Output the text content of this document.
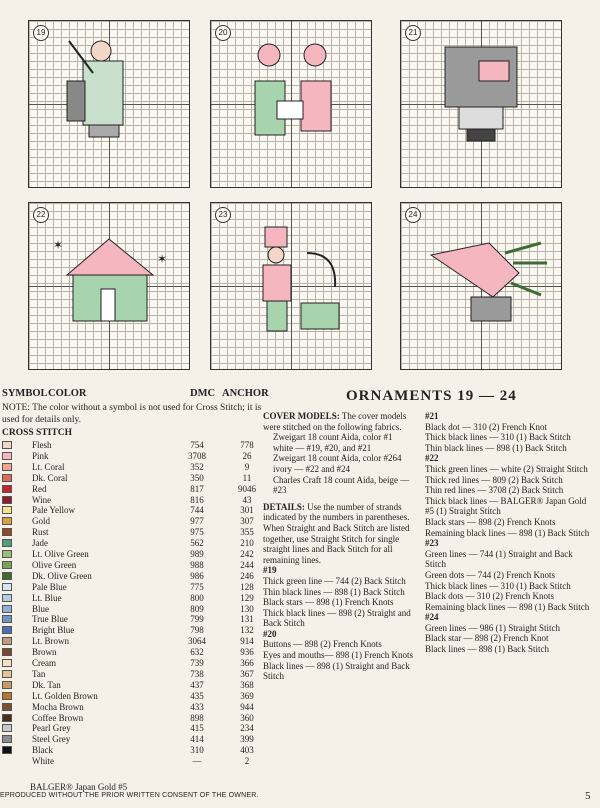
19	20	21
✶
✶
22	23	24
SYMBOL COLOR	DMC ANCHOR
NOTE: The color without a symbol is not used for Cross Stitch; it is used for details only.
CROSS STITCH
Flesh	754	778
Pink	3708	26
Lt. Coral	352	9
Dk. Coral	350	11
Red	817	9046
Wine	816	43
Pale Yellow	744	301
Gold	977	307
Rust	975	355
Jade	562	210
Lt. Olive Green	989	242
Olive Green	988	244
Dk. Olive Green	986	246
Pale Blue	775	128
Lt. Blue	800	129
Blue	809	130
True Blue	799	131
Bright Blue	798	132
Lt. Brown	3064	914
Brown	632	936
Cream	739	366
Tan	738	367
Dk. Tan	437	368
Lt. Golden Brown	435	369
Mocha Brown	433	944
Coffee Brown	898	360
Pearl Grey	415	234
Steel Grey	414	399
Black	310	403
White	—	2
BALGER® Japan Gold #5
ORNAMENTS 19 — 24

COVER MODELS: The cover models were stitched on the following fabrics.

Zweigart 18 count Aida, color #1 white — #19, #20, and #21

Zweigart 18 count Aida, color #264 ivory — #22 and #24

Charles Craft 18 count Aida, beige — #23

DETAILS: Use the number of strands indicated by the numbers in parentheses. When Straight and Back Stitch are listed together, use Straight Stitch for single straight lines and Back Stitch for all remaining lines.

#19

Thick green line — 744 (2) Back Stitch

Thin black lines — 898 (1) Back Stitch

Black stars — 898 (1) French Knots

Thick black lines — 898 (2) Straight and Back Stitch

#20

Buttons — 898 (2) French Knots

Eyes and mouths— 898 (1) French Knots

Black lines — 898 (1) Straight and Back Stitch

#21

Black dot — 310 (2) French Knot

Thick black lines — 310 (1) Back Stitch

Thin black lines — 898 (1) Back Stitch

#22

Thick green lines — white (2) Straight Stitch

Thick red lines — 809 (2) Back Stitch

Thin red lines — 3708 (2) Back Stitch

Thick black lines — BALGER® Japan Gold #5 (1) Straight Stitch

Black stars — 898 (2) French Knots

Remaining black lines — 898 (1) Back Stitch

#23

Green lines — 744 (1) Straight and Back Stitch

Green dots — 744 (2) French Knots

Thick black lines — 310 (1) Back Stitch

Black dots — 310 (2) French Knots

Remaining black lines — 898 (1) Back Stitch

#24

Green lines — 986 (1) Straight Stitch

Black star — 898 (2) French Knot

Black lines — 898 (1) Back Stitch

EPRODUCED WITHOUT THE PRIOR WRITTEN CONSENT OF THE OWNER.	5
